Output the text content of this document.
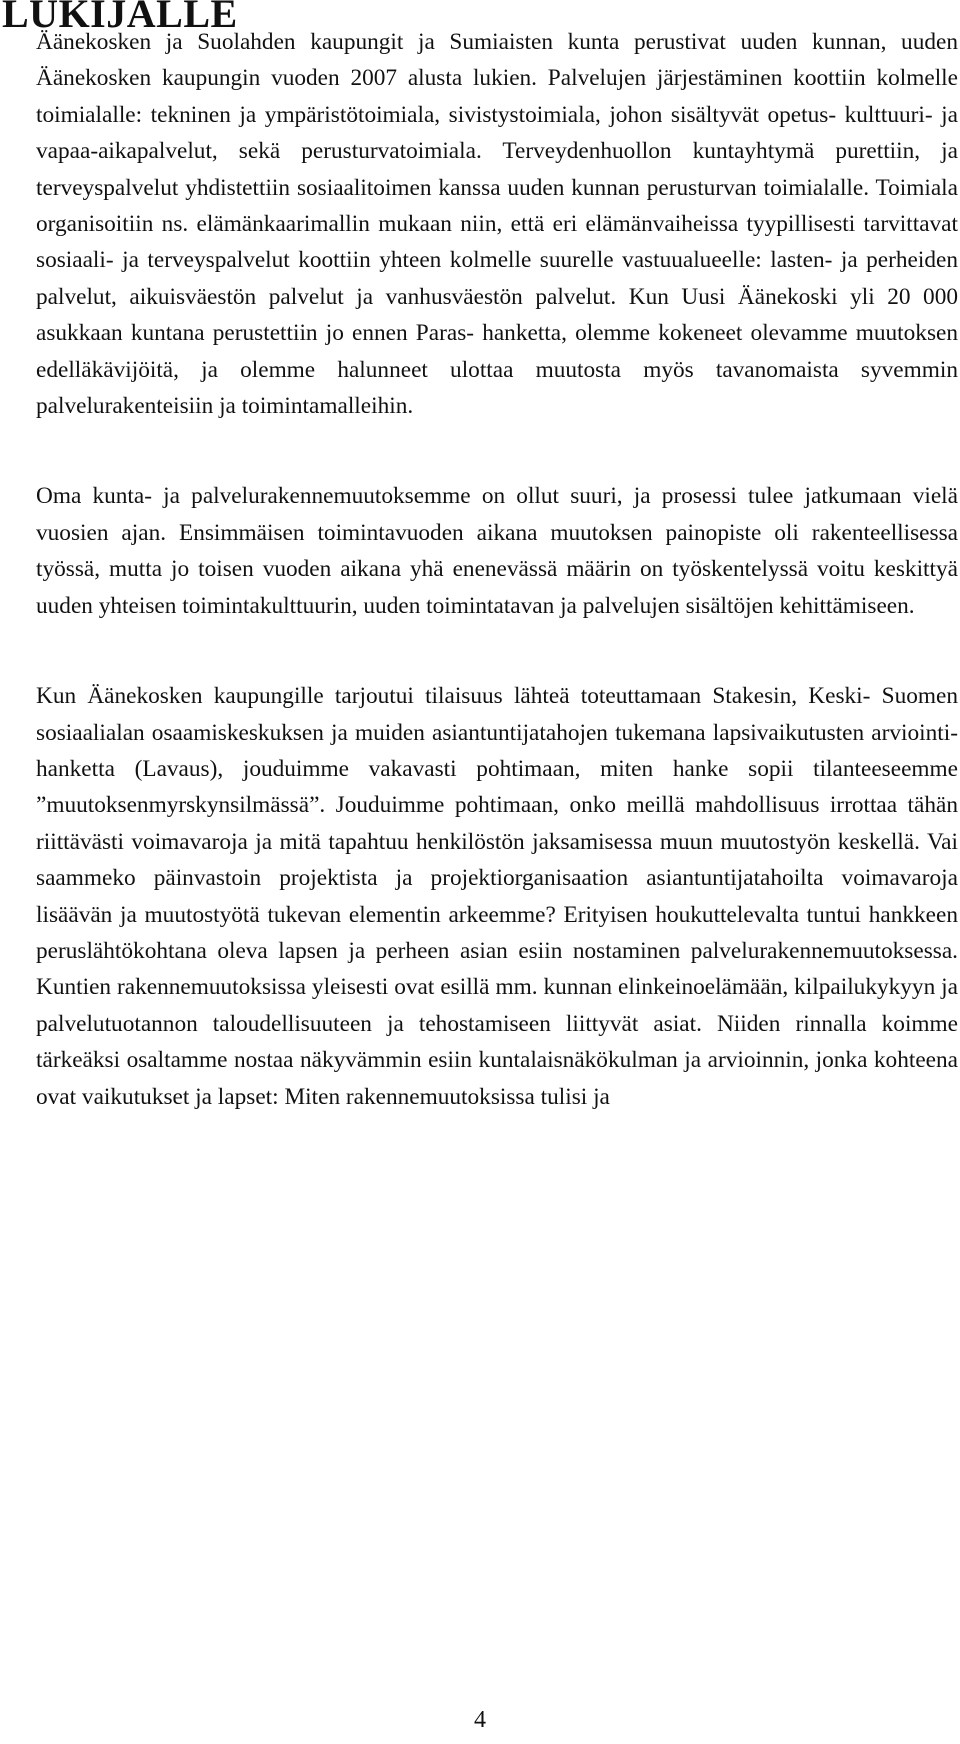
LUKIJALLE

Äänekosken ja Suolahden kaupungit ja Sumiaisten kunta perustivat uuden kunnan, uuden Äänekosken kaupungin vuoden 2007 alusta lukien. Palvelujen järjestäminen koottiin kolmelle toimialalle: tekninen ja ympäristötoimiala, sivistystoimiala, johon sisältyvät opetus- kulttuuri- ja vapaa-aikapalvelut, sekä perusturvatoimiala. Terveydenhuollon kuntayhtymä purettiin, ja terveyspalvelut yhdistettiin sosiaalitoimen kanssa uuden kunnan perusturvan toimialalle. Toimiala organisoitiin ns. elämänkaarimallin mukaan niin, että eri elämänvaiheissa tyypillisesti tarvittavat sosiaali- ja terveyspalvelut koottiin yhteen kolmelle suurelle vastuualueelle: lasten- ja perheiden palvelut, aikuisväestön palvelut ja vanhusväestön palvelut. Kun Uusi Äänekoski yli 20 000 asukkaan kuntana perustettiin jo ennen Paras- hanketta, olemme kokeneet olevamme muutoksen edelläkävijöitä, ja olemme halunneet ulottaa muutosta myös tavanomaista syvemmin palvelurakenteisiin ja toimintamalleihin.

Oma kunta- ja palvelurakennemuutoksemme on ollut suuri, ja prosessi tulee jatkumaan vielä vuosien ajan. Ensimmäisen toimintavuoden aikana muutoksen painopiste oli rakenteellisessa työssä, mutta jo toisen vuoden aikana yhä enenevässä määrin on työskentelyssä voitu keskittyä uuden yhteisen toimintakulttuurin, uuden toimintatavan ja palvelujen sisältöjen kehittämiseen.

Kun Äänekosken kaupungille tarjoutui tilaisuus lähteä toteuttamaan Stakesin, Keski- Suomen sosiaalialan osaamiskeskuksen ja muiden asiantuntijatahojen tukemana lapsivaikutusten arviointi- hanketta (Lavaus), jouduimme vakavasti pohtimaan, miten hanke sopii tilanteeseemme ”muutoksenmyrskynsilmässä”. Jouduimme pohtimaan, onko meillä mahdollisuus irrottaa tähän riittävästi voimavaroja ja mitä tapahtuu henkilöstön jaksamisessa muun muutostyön keskellä. Vai saammeko päinvastoin projektista ja projektiorganisaation asiantuntijatahoilta voimavaroja lisäävän ja muutostyötä tukevan elementin arkeemme? Erityisen houkuttelevalta tuntui hankkeen peruslähtökohtana oleva lapsen ja perheen asian esiin nostaminen palvelurakennemuutoksessa. Kuntien rakennemuutoksissa yleisesti ovat esillä mm. kunnan elinkeinoelämään, kilpailukykyyn ja palvelutuotannon taloudellisuuteen ja tehostamiseen liittyvät asiat. Niiden rinnalla koimme tärkeäksi osaltamme nostaa näkyvämmin esiin kuntalaisnäkökulman ja arvioinnin, jonka kohteena ovat vaikutukset ja lapset: Miten rakennemuutoksissa tulisi ja

4
